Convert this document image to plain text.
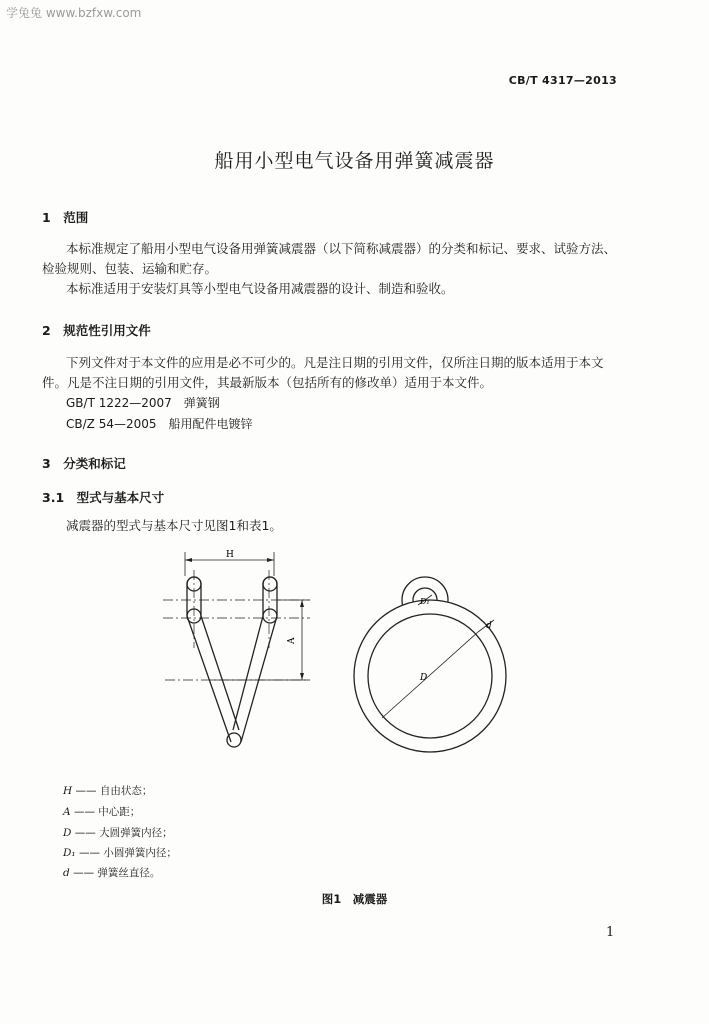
学兔兔 www.bzfxw.com
CB/T 4317—2013
船用小型电气设备用弹簧减震器
1　范围
本标准规定了船用小型电气设备用弹簧减震器（以下简称减震器）的分类和标记、要求、试验方法、
检验规则、包装、运输和贮存。
本标准适用于安装灯具等小型电气设备用减震器的设计、制造和验收。
2　规范性引用文件
下列文件对于本文件的应用是必不可少的。凡是注日期的引用文件，仅所注日期的版本适用于本文
件。凡是不注日期的引用文件，其最新版本（包括所有的修改单）适用于本文件。
GB/T 1222—2007　弹簧钢
CB/Z 54—2005　船用配件电镀锌
3　分类和标记
3.1　型式与基本尺寸
减震器的型式与基本尺寸见图1和表1。
H
A
D
D₁
d
H —— 自由状态；
A —— 中心距；
D —— 大圆弹簧内径；
D₁ —— 小圆弹簧内径；
d —— 弹簧丝直径。
图1　减震器
1
